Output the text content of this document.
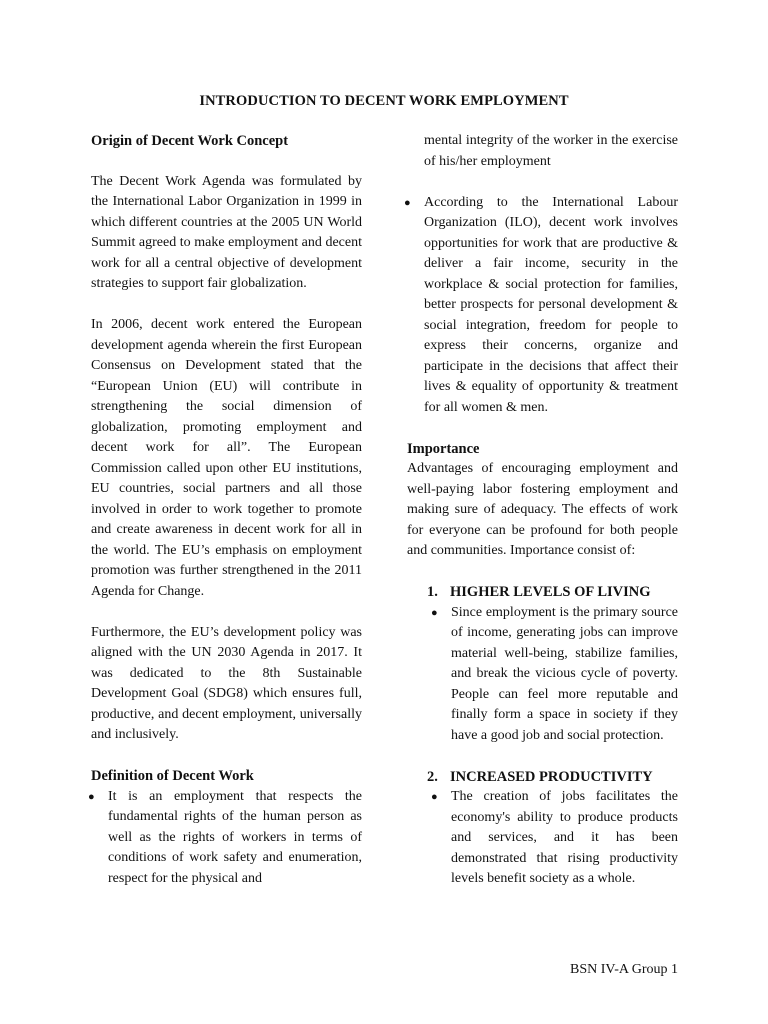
INTRODUCTION TO DECENT WORK EMPLOYMENT

Origin of Decent Work Concept

The Decent Work Agenda was formulated by the International Labor Organization in 1999 in which different countries at the 2005 UN World Summit agreed to make employment and decent work for all a central objective of development strategies to support fair globalization.

In 2006, decent work entered the European development agenda wherein the first European Consensus on Development stated that the “European Union (EU) will contribute in strengthening the social dimension of globalization, promoting employment and decent work for all”. The European Commission called upon other EU institutions, EU countries, social partners and all those involved in order to work together to promote and create awareness in decent work for all in the world. The EU’s emphasis on employment promotion was further strengthened in the 2011 Agenda for Change.

Furthermore, the EU’s development policy was aligned with the UN 2030 Agenda in 2017. It was dedicated to the 8th Sustainable Development Goal (SDG8) which ensures full, productive, and decent employment, universally and inclusively.

Definition of Decent Work

● It is an employment that respects the fundamental rights of the human person as well as the rights of workers in terms of conditions of work safety and enumeration, respect for the physical and

mental integrity of the worker in the exercise of his/her employment

● According to the International Labour Organization (ILO), decent work involves opportunities for work that are productive & deliver a fair income, security in the workplace & social protection for families, better prospects for personal development & social integration, freedom for people to express their concerns, organize and participate in the decisions that affect their lives & equality of opportunity & treatment for all women & men.

Importance

Advantages of encouraging employment and well-paying labor fostering employment and making sure of adequacy. The effects of work for everyone can be profound for both people and communities. Importance consist of:

1. HIGHER LEVELS OF LIVING

● Since employment is the primary source of income, generating jobs can improve material well-being, stabilize families, and break the vicious cycle of poverty. People can feel more reputable and finally form a space in society if they have a good job and social protection.

2. INCREASED PRODUCTIVITY

● The creation of jobs facilitates the economy's ability to produce products and services, and it has been demonstrated that rising productivity levels benefit society as a whole.

BSN IV-A Group 1
